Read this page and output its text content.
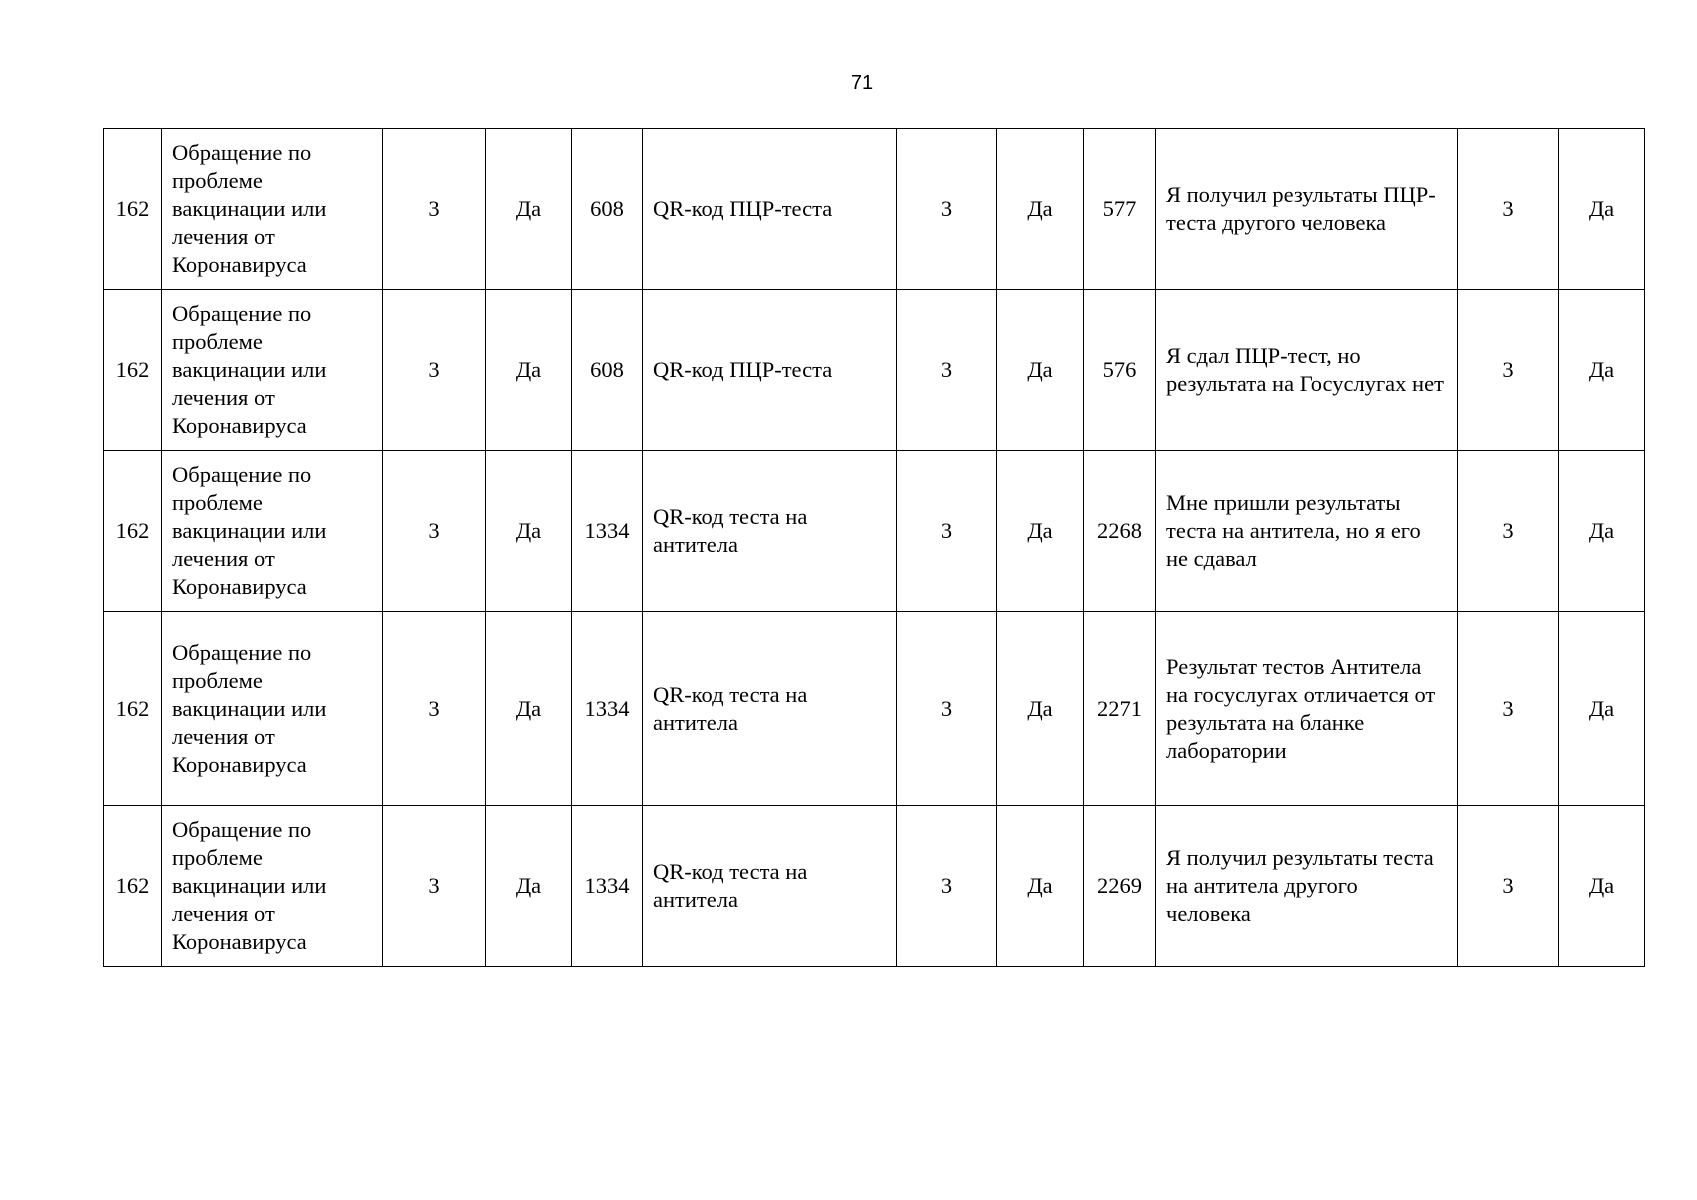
71
162	Обращение по проблеме вакцинации или лечения от Коронавируса	3	Да	608	QR-код ПЦР-теста	3	Да	577	Я получил результаты ПЦР-теста другого человека	3	Да
162	Обращение по проблеме вакцинации или лечения от Коронавируса	3	Да	608	QR-код ПЦР-теста	3	Да	576	Я сдал ПЦР-тест, но результата на Госуслугах нет	3	Да
162	Обращение по проблеме вакцинации или лечения от Коронавируса	3	Да	1334	QR-код теста на антитела	3	Да	2268	Мне пришли результаты теста на антитела, но я его не сдавал	3	Да
162	Обращение по проблеме вакцинации или лечения от Коронавируса	3	Да	1334	QR-код теста на антитела	3	Да	2271	Результат тестов Антитела на госуслугах отличается от результата на бланке лаборатории	3	Да
162	Обращение по проблеме вакцинации или лечения от Коронавируса	3	Да	1334	QR-код теста на антитела	3	Да	2269	Я получил результаты теста на антитела другого человека	3	Да
